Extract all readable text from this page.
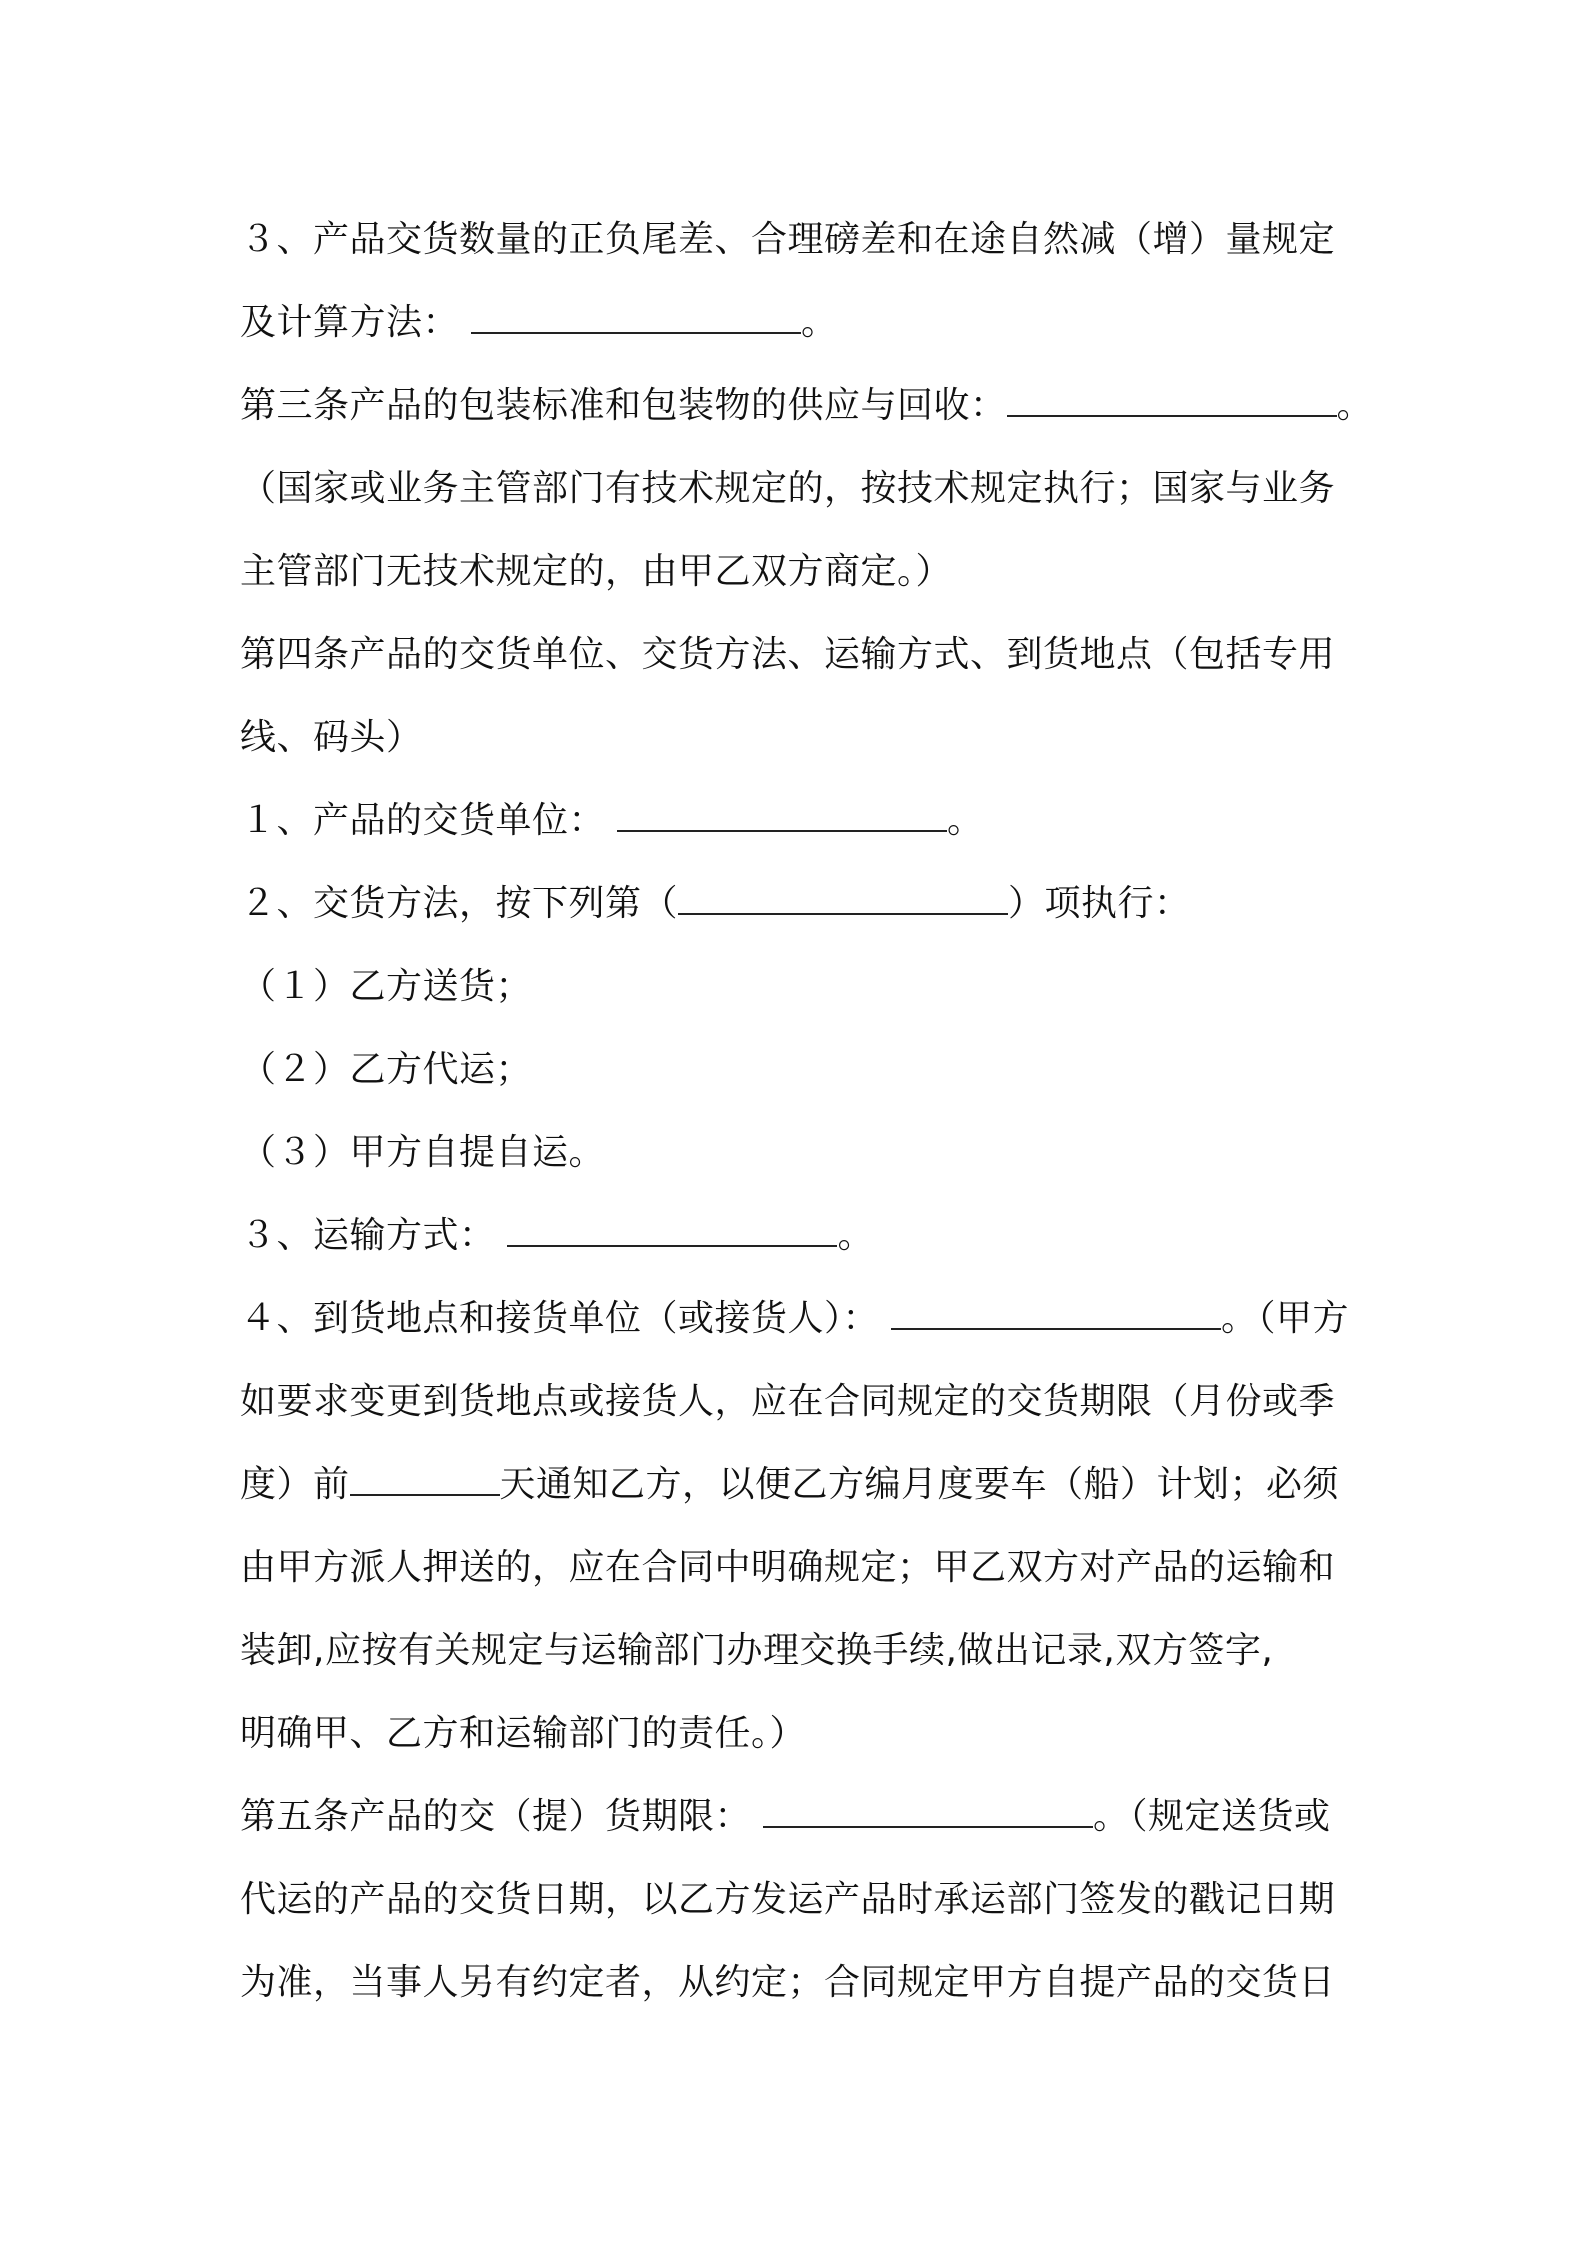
３、产品交货数量的正负尾差、合理磅差和在途自然减（增）量规定
及计算方法：	。
第三条产品的包装标准和包装物的供应与回收：	。
（国家或业务主管部门有技术规定的，按技术规定执行；国家与业务
主管部门无技术规定的，由甲乙双方商定。）
第四条产品的交货单位、交货方法、运输方式、到货地点（包括专用
线、码头）
１、产品的交货单位：	。
２、交货方法，按下列第（	）项执行：
（１）乙方送货；
（２）乙方代运；
（３）甲方自提自运。
３、运输方式：	。
４、到货地点和接货单位（或接货人）：	。（甲方
如要求变更到货地点或接货人，应在合同规定的交货期限（月份或季
度）前	天通知乙方，以便乙方编月度要车（船）计划；必须
由甲方派人押送的，应在合同中明确规定；甲乙双方对产品的运输和
装卸,应按有关规定与运输部门办理交换手续,做出记录,双方签字,
明确甲、乙方和运输部门的责任。）
第五条产品的交（提）货期限：	。（规定送货或
代运的产品的交货日期，以乙方发运产品时承运部门签发的戳记日期
为准，当事人另有约定者，从约定；合同规定甲方自提产品的交货日
